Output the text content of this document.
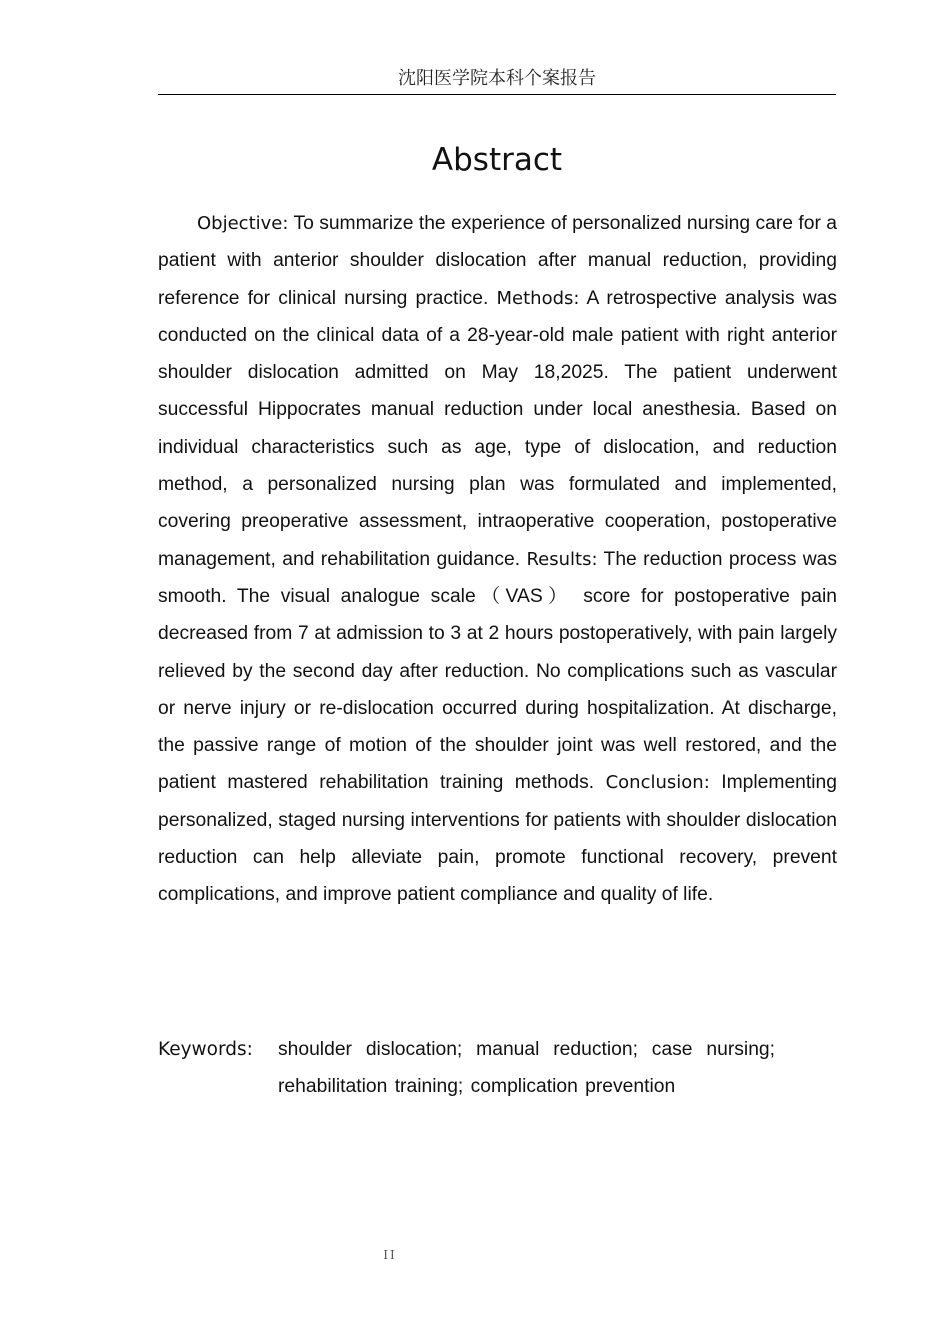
沈阳医学院本科个案报告
Abstract

Objective: To summarize the experience of personalized nursing care for a patient with anterior shoulder dislocation after manual reduction, providing reference for clinical nursing practice. Methods: A retrospective analysis was conducted on the clinical data of a 28-year-old male patient with right anterior shoulder dislocation admitted on May 18,2025. The patient underwent successful Hippocrates manual reduction under local anesthesia. Based on individual characteristics such as age, type of dislocation, and reduction method, a personalized nursing plan was formulated and implemented, covering preoperative assessment, intraoperative cooperation, postoperative management, and rehabilitation guidance. Results: The reduction process was smooth. The visual analogue scale（VAS） score for postoperative pain decreased from 7 at admission to 3 at 2 hours postoperatively, with pain largely relieved by the second day after reduction. No complications such as vascular or nerve injury or re-dislocation occurred during hospitalization. At discharge, the passive range of motion of the shoulder joint was well restored, and the patient mastered rehabilitation training methods. Conclusion: Implementing personalized, staged nursing interventions for patients with shoulder dislocation reduction can help alleviate pain, promote functional recovery, prevent complications, and improve patient compliance and quality of life.

Keywords:	shoulder dislocation; manual reduction; case nursing; rehabilitation training; complication prevention
II
